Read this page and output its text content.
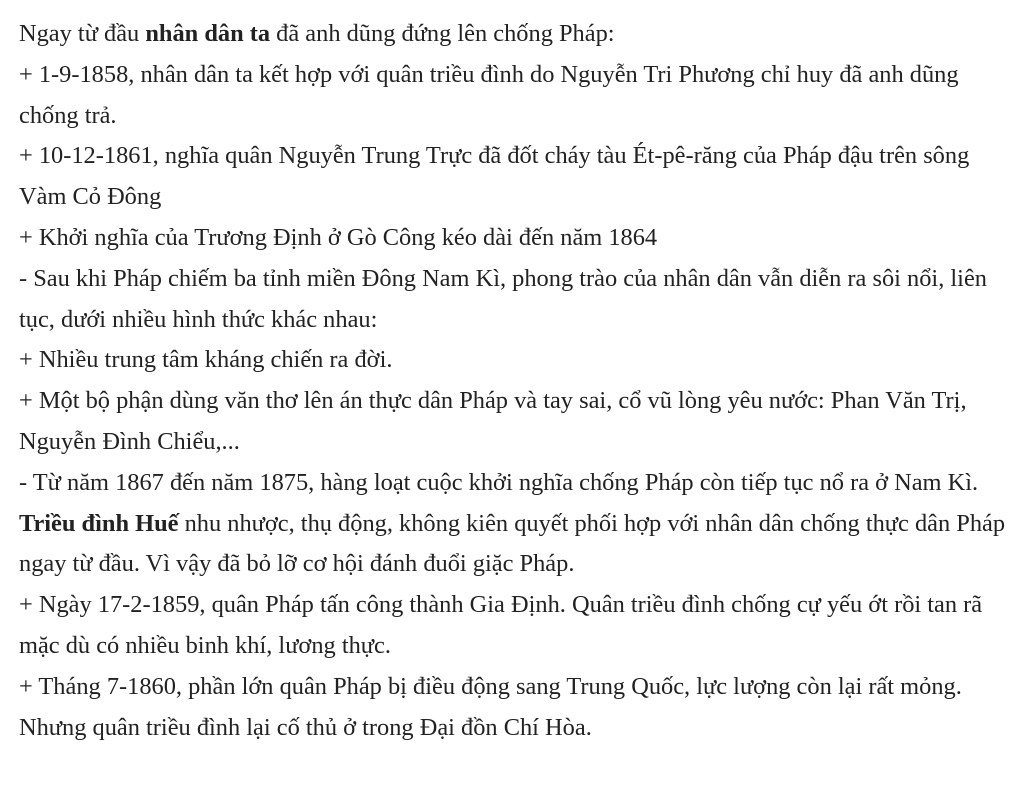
Ngay từ đầu nhân dân ta đã anh dũng đứng lên chống Pháp:

+ 1-9-1858, nhân dân ta kết hợp với quân triều đình do Nguyễn Tri Phương chỉ huy đã anh dũng chống trả.

+ 10-12-1861, nghĩa quân Nguyễn Trung Trực đã đốt cháy tàu Ét-pê-răng của Pháp đậu trên sông Vàm Cỏ Đông

+ Khởi nghĩa của Trương Định ở Gò Công kéo dài đến năm 1864

- Sau khi Pháp chiếm ba tỉnh miền Đông Nam Kì, phong trào của nhân dân vẫn diễn ra sôi nổi, liên tục, dưới nhiều hình thức khác nhau:

+ Nhiều trung tâm kháng chiến ra đời.

+ Một bộ phận dùng văn thơ lên án thực dân Pháp và tay sai, cổ vũ lòng yêu nước: Phan Văn Trị, Nguyễn Đình Chiểu,...

- Từ năm 1867 đến năm 1875, hàng loạt cuộc khởi nghĩa chống Pháp còn tiếp tục nổ ra ở Nam Kì.

Triều đình Huế nhu nhược, thụ động, không kiên quyết phối hợp với nhân dân chống thực dân Pháp ngay từ đầu. Vì vậy đã bỏ lỡ cơ hội đánh đuổi giặc Pháp.

+ Ngày 17-2-1859, quân Pháp tấn công thành Gia Định. Quân triều đình chống cự yếu ớt rồi tan rã mặc dù có nhiều binh khí, lương thực.

+ Tháng 7-1860, phần lớn quân Pháp bị điều động sang Trung Quốc, lực lượng còn lại rất mỏng. Nhưng quân triều đình lại cố thủ ở trong Đại đồn Chí Hòa.
